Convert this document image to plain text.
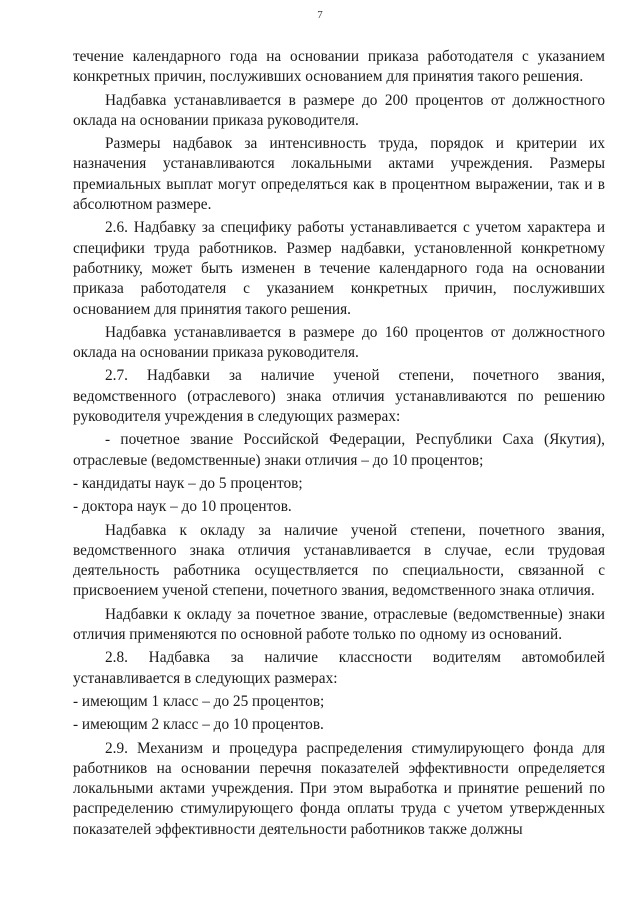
7

течение календарного года на основании приказа работодателя с указанием конкретных причин, послуживших основанием для принятия такого решения.

Надбавка устанавливается в размере до 200 процентов от должностного оклада на основании приказа руководителя.

Размеры надбавок за интенсивность труда, порядок и критерии их назначения устанавливаются локальными актами учреждения. Размеры премиальных выплат могут определяться как в процентном выражении, так и в абсолютном размере.

2.6. Надбавку за специфику работы устанавливается с учетом характера и специфики труда работников. Размер надбавки, установленной конкретному работнику, может быть изменен в течение календарного года на основании приказа работодателя с указанием конкретных причин, послуживших основанием для принятия такого решения.

Надбавка устанавливается в размере до 160 процентов от должностного оклада на основании приказа руководителя.

2.7. Надбавки за наличие ученой степени, почетного звания, ведомственного (отраслевого) знака отличия устанавливаются по решению руководителя учреждения в следующих размерах:

- почетное звание Российской Федерации, Республики Саха (Якутия), отраслевые (ведомственные) знаки отличия – до 10 процентов;

- кандидаты наук – до 5 процентов;

- доктора наук – до 10 процентов.

Надбавка к окладу за наличие ученой степени, почетного звания, ведомственного знака отличия устанавливается в случае, если трудовая деятельность работника осуществляется по специальности, связанной с присвоением ученой степени, почетного звания, ведомственного знака отличия.

Надбавки к окладу за почетное звание, отраслевые (ведомственные) знаки отличия применяются по основной работе только по одному из оснований.

2.8. Надбавка за наличие классности водителям автомобилей устанавливается в следующих размерах:

- имеющим 1 класс – до 25 процентов;

- имеющим 2 класс – до 10 процентов.

2.9. Механизм и процедура распределения стимулирующего фонда для работников на основании перечня показателей эффективности определяется локальными актами учреждения. При этом выработка и принятие решений по распределению стимулирующего фонда оплаты труда с учетом утвержденных показателей эффективности деятельности работников также должны
